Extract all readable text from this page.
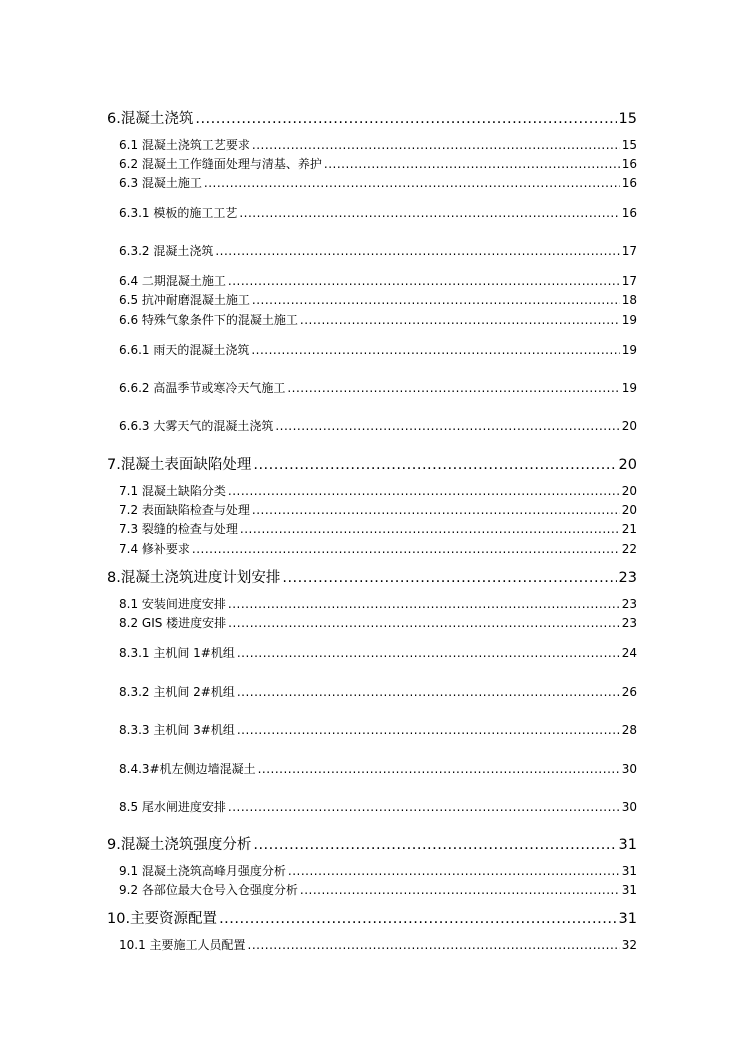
6.混凝土浇筑 .....	15
6.1 混凝土浇筑工艺要求 .....	15
6.2 混凝土工作缝面处理与清基、养护 .....	16
6.3 混凝土施工 .....	16
6.3.1 模板的施工工艺 .....	16
6.3.2 混凝土浇筑 .....	17
6.4 二期混凝土施工 .....	17
6.5 抗冲耐磨混凝土施工 .....	18
6.6 特殊气象条件下的混凝土施工 .....	19
6.6.1 雨天的混凝土浇筑 .....	19
6.6.2 高温季节或寒冷天气施工 .....	19
6.6.3 大雾天气的混凝土浇筑 .....	20
7.混凝土表面缺陷处理 .....	20
7.1 混凝土缺陷分类 .....	20
7.2 表面缺陷检查与处理 .....	20
7.3 裂缝的检查与处理 .....	21
7.4 修补要求 .....	22
8.混凝土浇筑进度计划安排 .....	23
8.1 安装间进度安排 .....	23
8.2 GIS 楼进度安排 .....	23
8.3.1 主机间 1#机组 .....	24
8.3.2 主机间 2#机组 .....	26
8.3.3 主机间 3#机组 .....	28
8.4.3#机左侧边墙混凝土 .....	30
8.5 尾水闸进度安排 .....	30
9.混凝土浇筑强度分析 .....	31
9.1 混凝土浇筑高峰月强度分析 .....	31
9.2 各部位最大仓号入仓强度分析 .....	31
10.主要资源配置 .....	31
10.1 主要施工人员配置 .....	32
